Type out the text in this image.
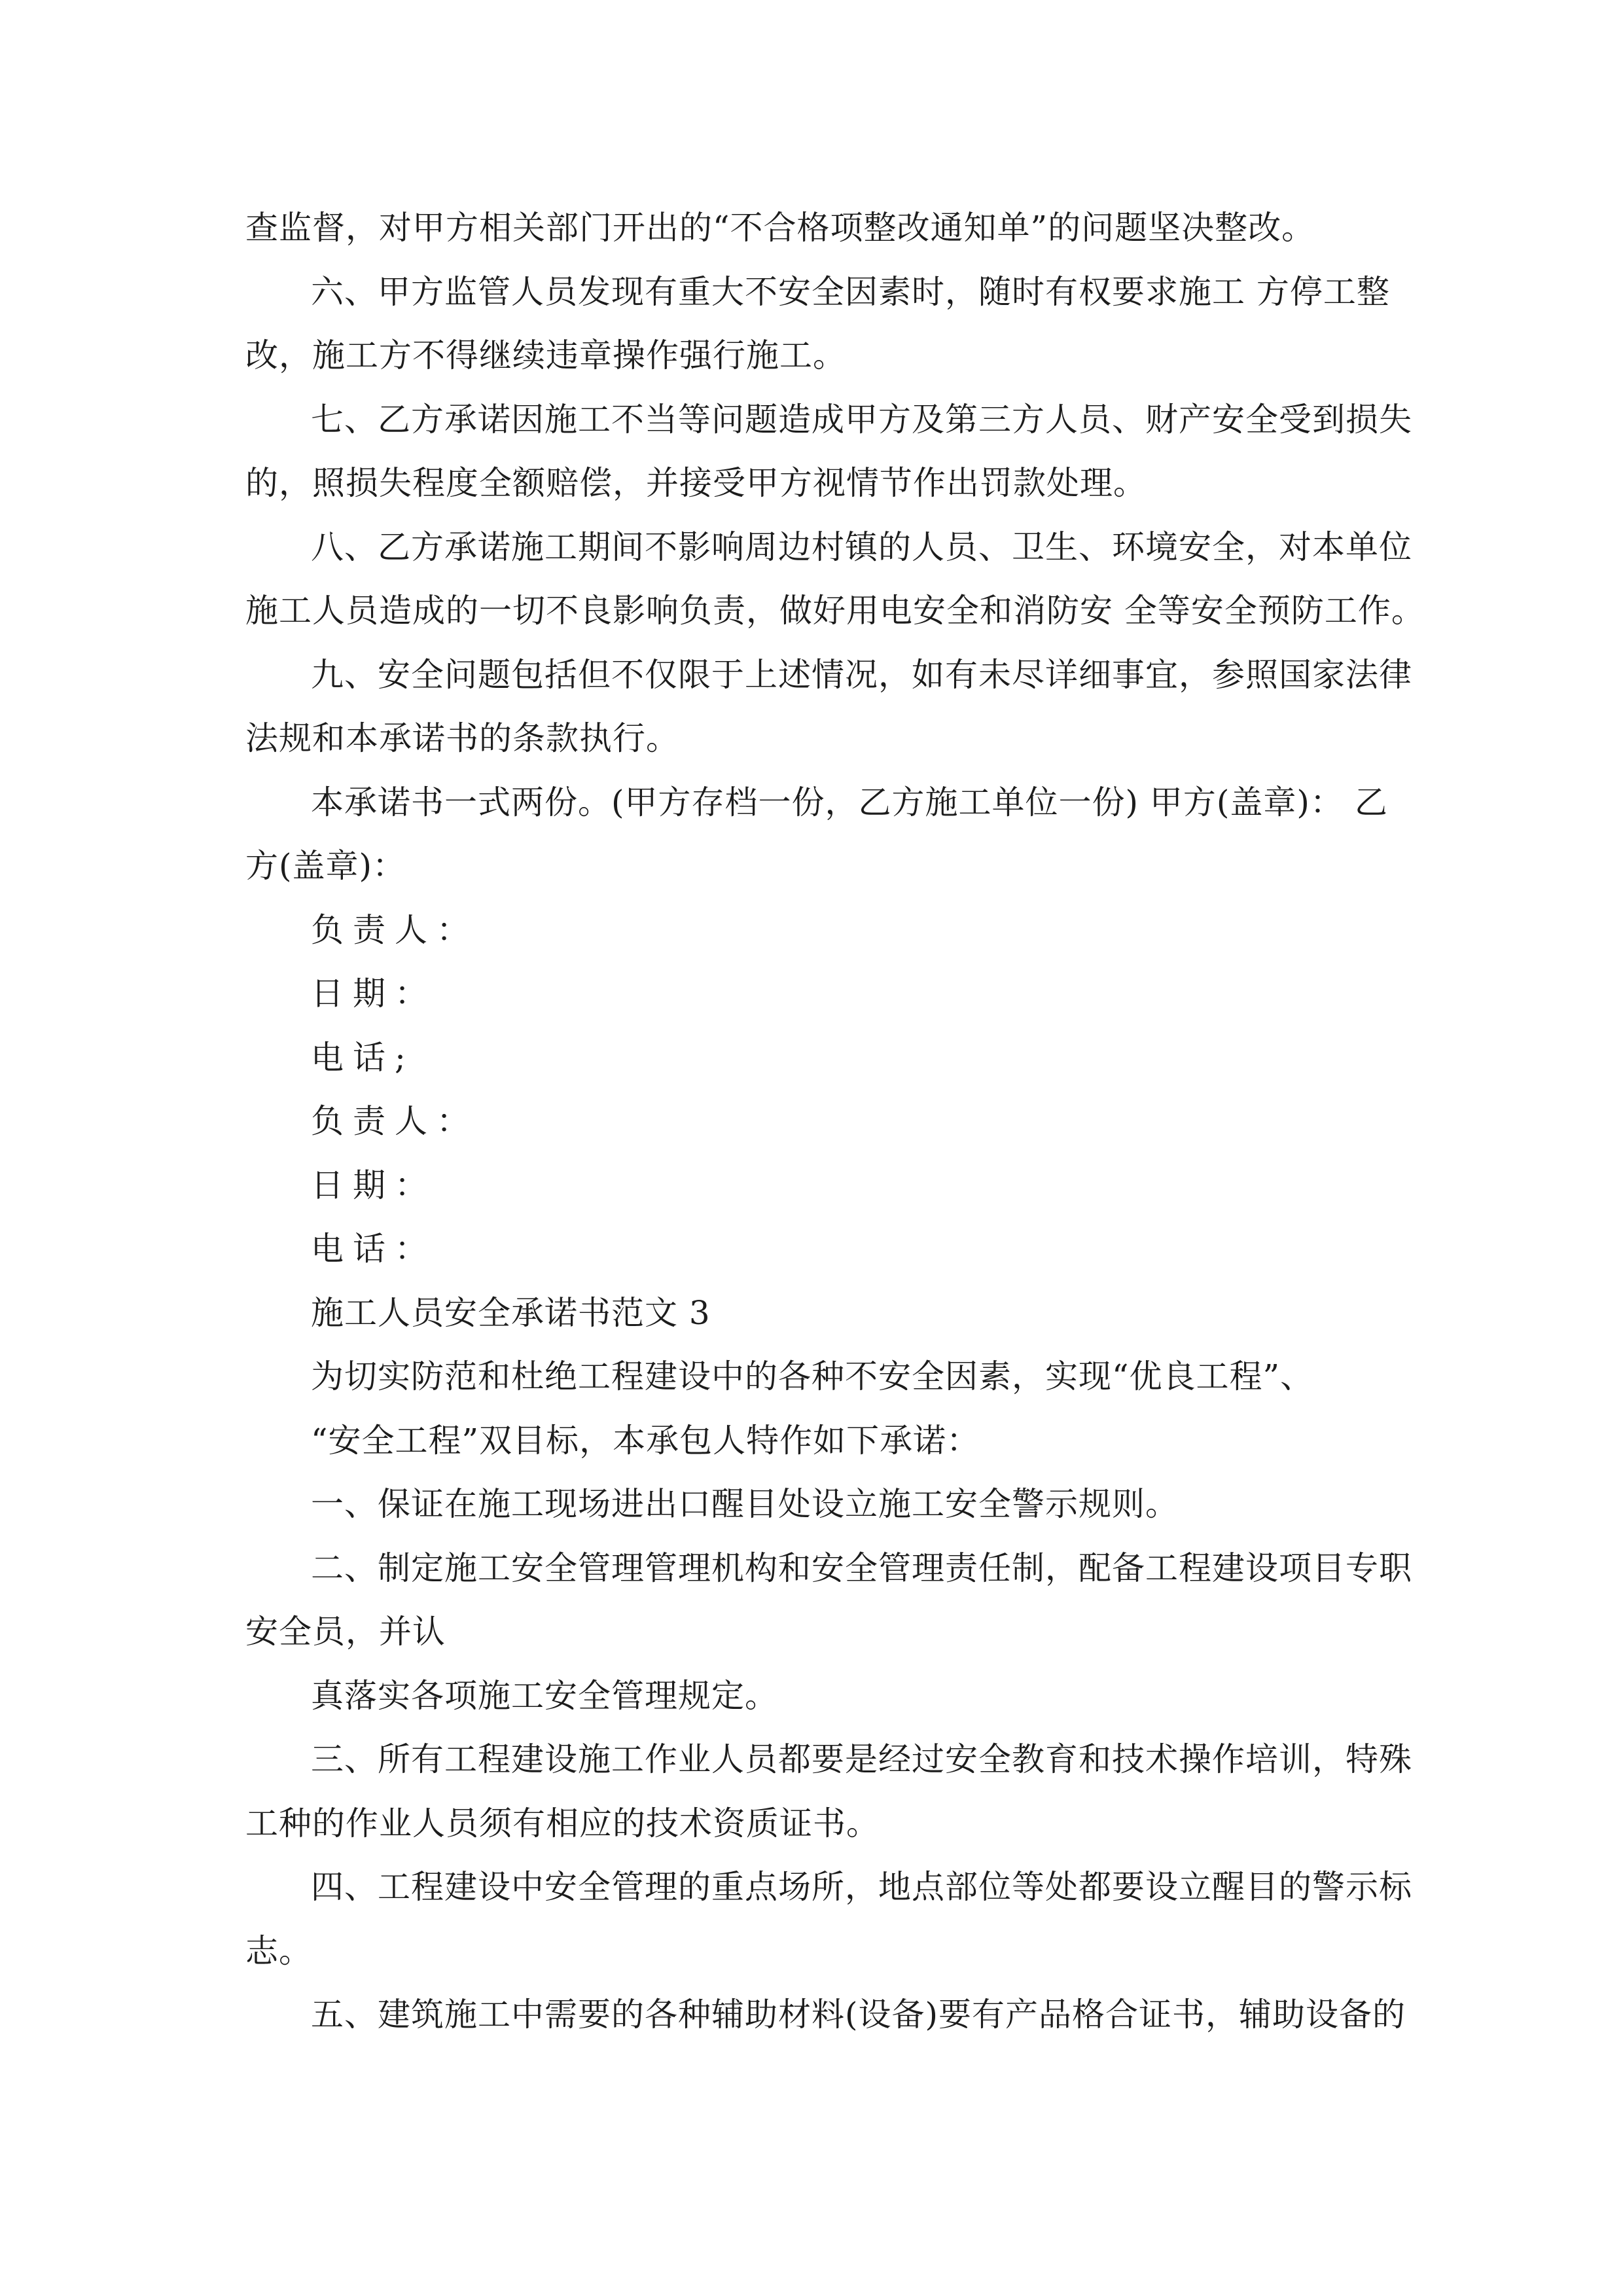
查监督，对甲方相关部门开出的“不合格项整改通知单”的问题坚决整改。
六、甲方监管人员发现有重大不安全因素时，随时有权要求施工 方停工整
改，施工方不得继续违章操作强行施工。
七、乙方承诺因施工不当等问题造成甲方及第三方人员、财产安全受到损失
的，照损失程度全额赔偿，并接受甲方视情节作出罚款处理。
八、乙方承诺施工期间不影响周边村镇的人员、卫生、环境安全，对本单位
施工人员造成的一切不良影响负责，做好用电安全和消防安 全等安全预防工作。
九、安全问题包括但不仅限于上述情况，如有未尽详细事宜，参照国家法律
法规和本承诺书的条款执行。
本承诺书一式两份。(甲方存档一份，乙方施工单位一份) 甲方(盖章)： 乙
方(盖章)：
负责人：
日期：
电话;
负责人：
日期：
电话：
施工人员安全承诺书范文 3
为切实防范和杜绝工程建设中的各种不安全因素，实现“优良工程”、
“安全工程”双目标，本承包人特作如下承诺：
一、保证在施工现场进出口醒目处设立施工安全警示规则。
二、制定施工安全管理管理机构和安全管理责任制，配备工程建设项目专职
安全员，并认
真落实各项施工安全管理规定。
三、所有工程建设施工作业人员都要是经过安全教育和技术操作培训，特殊
工种的作业人员须有相应的技术资质证书。
四、工程建设中安全管理的重点场所，地点部位等处都要设立醒目的警示标
志。
五、建筑施工中需要的各种辅助材料(设备)要有产品格合证书，辅助设备的
